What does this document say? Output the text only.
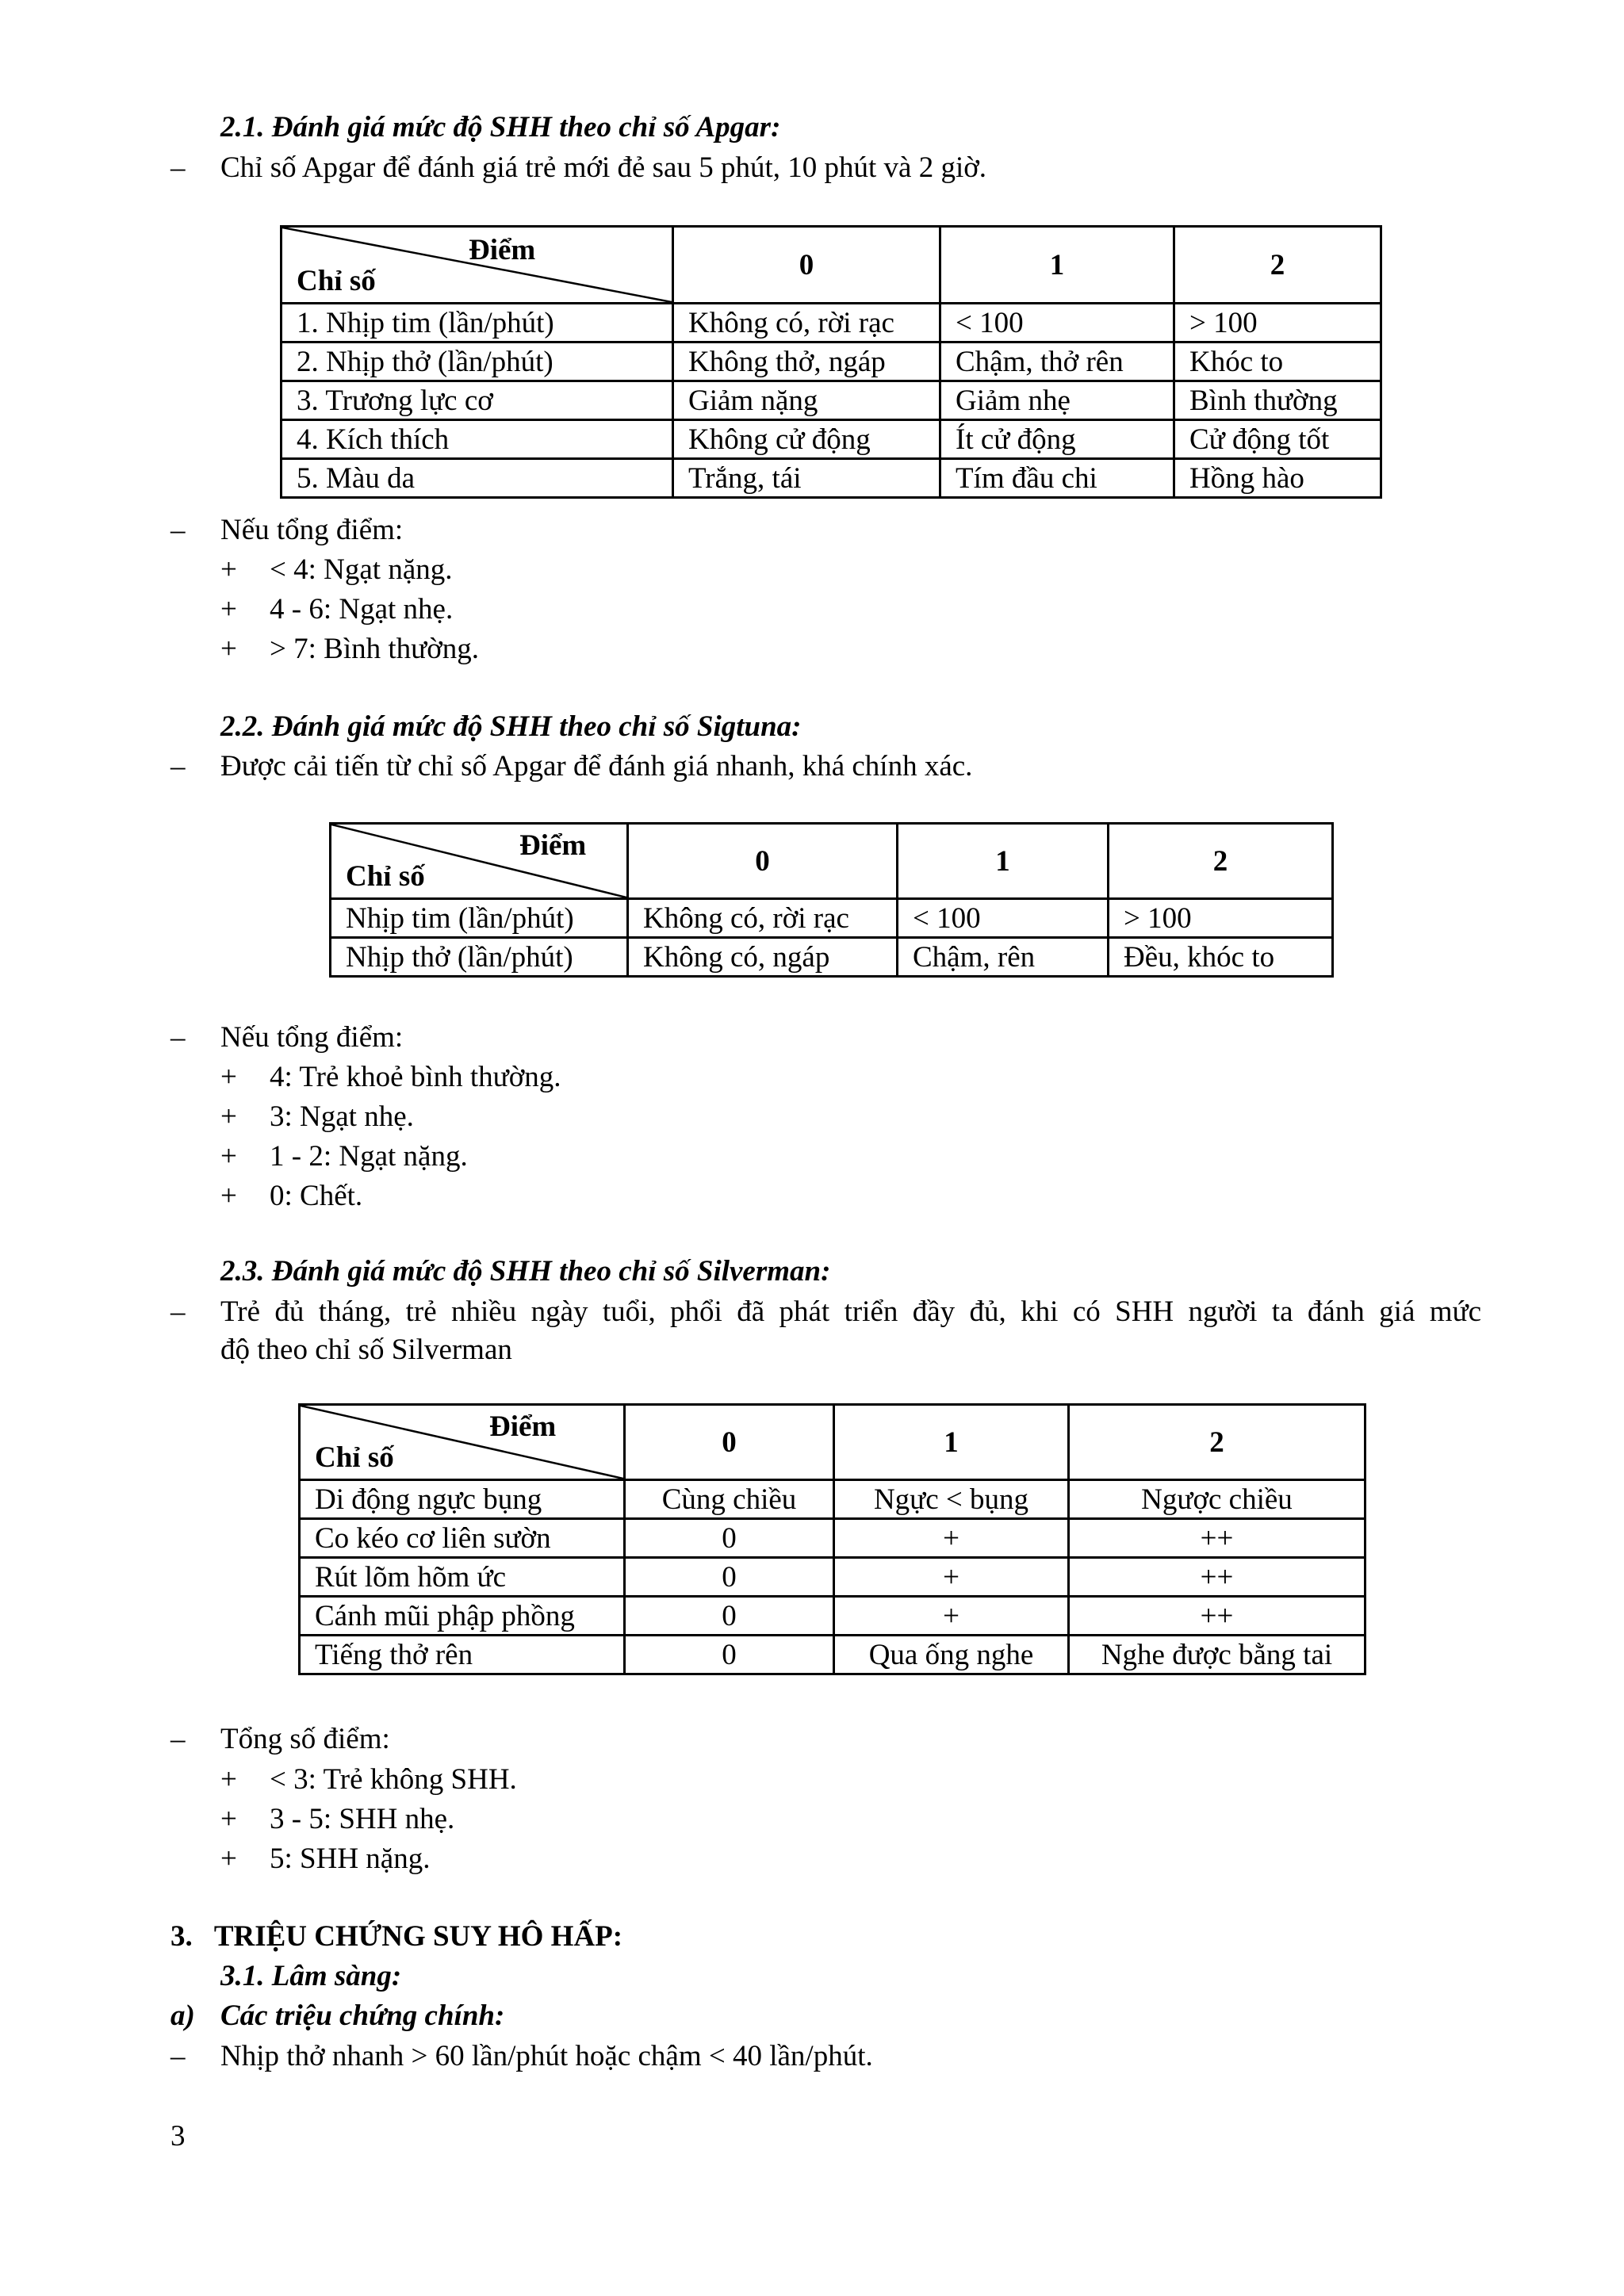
2.1. Đánh giá mức độ SHH theo chỉ số Apgar:
– Chỉ số Apgar để đánh giá trẻ mới đẻ sau 5 phút, 10 phút và 2 giờ.
Điểm
Chỉ số	0	1	2
1. Nhịp tim (lần/phút)	Không có, rời rạc	< 100	> 100
2. Nhịp thở (lần/phút)	Không thở, ngáp	Chậm, thở rên	Khóc to
3. Trương lực cơ	Giảm nặng	Giảm nhẹ	Bình thường
4. Kích thích	Không cử động	Ít cử động	Cử động tốt
5. Màu da	Trắng, tái	Tím đầu chi	Hồng hào
– Nếu tổng điểm:
+ < 4: Ngạt nặng.
+ 4 - 6: Ngạt nhẹ.
+ > 7: Bình thường.
2.2. Đánh giá mức độ SHH theo chỉ số Sigtuna:
– Được cải tiến từ chỉ số Apgar để đánh giá nhanh, khá chính xác.
Điểm
Chỉ số	0	1	2
Nhịp tim (lần/phút)	Không có, rời rạc	< 100	> 100
Nhịp thở (lần/phút)	Không có, ngáp	Chậm, rên	Đều, khóc to
– Nếu tổng điểm:
+ 4: Trẻ khoẻ bình thường.
+ 3: Ngạt nhẹ.
+ 1 - 2: Ngạt nặng.
+ 0: Chết.
2.3. Đánh giá mức độ SHH theo chỉ số Silverman:
– Trẻ đủ tháng, trẻ nhiều ngày tuổi, phổi đã phát triển đầy đủ, khi có SHH người ta đánh giá mức
độ theo chỉ số Silverman
Điểm
Chỉ số	0	1	2
Di động ngực bụng	Cùng chiều	Ngực < bụng	Ngược chiều
Co kéo cơ liên sườn	0	+	++
Rút lõm hõm ức	0	+	++
Cánh mũi phập phồng	0	+	++
Tiếng thở rên	0	Qua ống nghe	Nghe được bằng tai
– Tổng số điểm:
+ < 3: Trẻ không SHH.
+ 3 - 5: SHH nhẹ.
+ 5: SHH nặng.
3.   TRIỆU CHỨNG SUY HÔ HẤP:
3.1. Lâm sàng:
a) Các triệu chứng chính:
– Nhịp thở nhanh > 60 lần/phút hoặc chậm < 40 lần/phút.
3
